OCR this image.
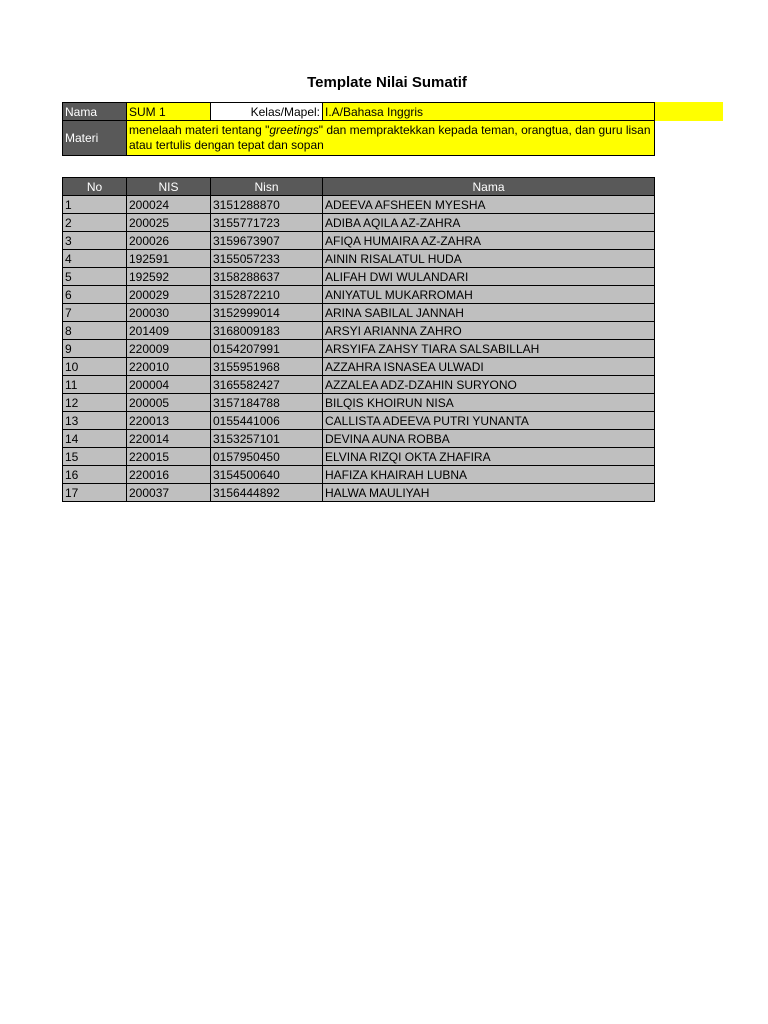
Template Nilai Sumatif
Nama	SUM 1	Kelas/Mapel:	I.A/Bahasa Inggris
Materi	menelaah materi tentang "greetings" dan mempraktekkan kepada teman, orangtua, dan guru lisan atau tertulis dengan tepat dan sopan		
No	NIS	Nisn	Nama
1	200024	3151288870	ADEEVA AFSHEEN MYESHA
2	200025	3155771723	ADIBA AQILA AZ-ZAHRA
3	200026	3159673907	AFIQA HUMAIRA AZ-ZAHRA
4	192591	3155057233	AININ RISALATUL HUDA
5	192592	3158288637	ALIFAH DWI WULANDARI
6	200029	3152872210	ANIYATUL MUKARROMAH
7	200030	3152999014	ARINA SABILAL JANNAH
8	201409	3168009183	ARSYI ARIANNA ZAHRO
9	220009	0154207991	ARSYIFA ZAHSY TIARA SALSABILLAH
10	220010	3155951968	AZZAHRA ISNASEA ULWADI
11	200004	3165582427	AZZALEA ADZ-DZAHIN SURYONO
12	200005	3157184788	BILQIS KHOIRUN NISA
13	220013	0155441006	CALLISTA ADEEVA PUTRI YUNANTA
14	220014	3153257101	DEVINA AUNA ROBBA
15	220015	0157950450	ELVINA RIZQI OKTA ZHAFIRA
16	220016	3154500640	HAFIZA KHAIRAH LUBNA
17	200037	3156444892	HALWA MAULIYAH
